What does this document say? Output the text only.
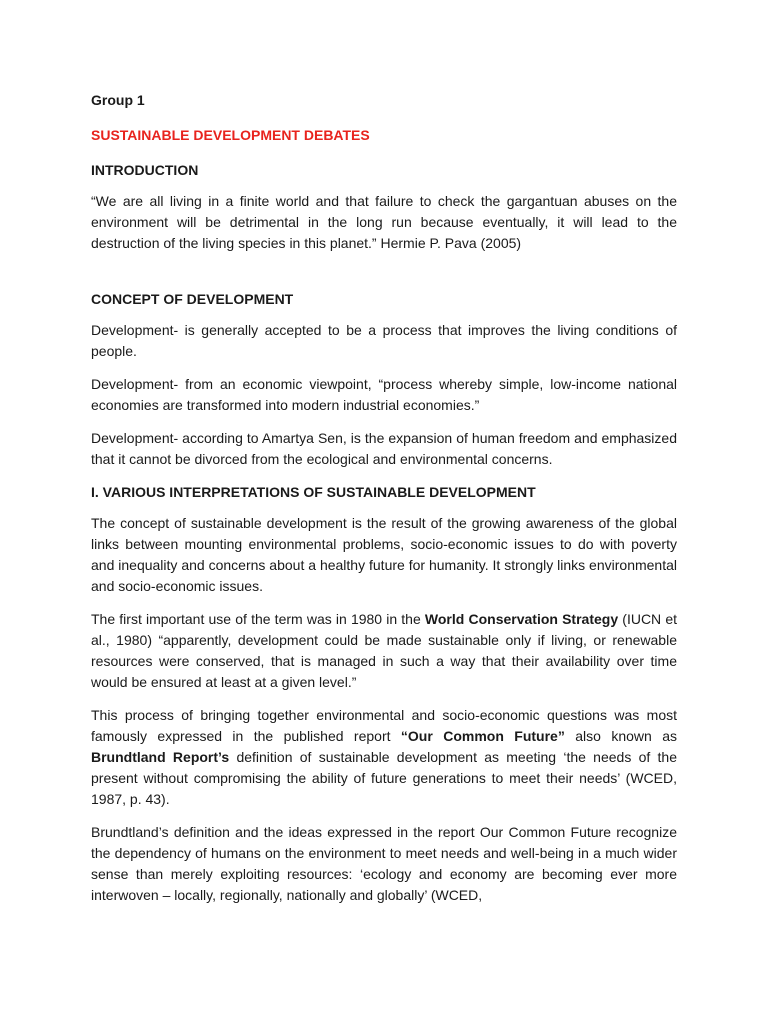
Group 1
SUSTAINABLE DEVELOPMENT DEBATES
INTRODUCTION

“We are all living in a finite world and that failure to check the gargantuan abuses on the environment will be detrimental in the long run because eventually, it will lead to the destruction of the living species in this planet.” Hermie P. Pava (2005)

CONCEPT OF DEVELOPMENT

Development- is generally accepted to be a process that improves the living conditions of people.

Development- from an economic viewpoint, “process whereby simple, low-income national economies are transformed into modern industrial economies.”

Development- according to Amartya Sen, is the expansion of human freedom and emphasized that it cannot be divorced from the ecological and environmental concerns.

I. VARIOUS INTERPRETATIONS OF SUSTAINABLE DEVELOPMENT

The concept of sustainable development is the result of the growing awareness of the global links between mounting environmental problems, socio-economic issues to do with poverty and inequality and concerns about a healthy future for humanity. It strongly links environmental and socio-economic issues.

The first important use of the term was in 1980 in the World Conservation Strategy (IUCN et al., 1980) “apparently, development could be made sustainable only if living, or renewable resources were conserved, that is managed in such a way that their availability over time would be ensured at least at a given level.”

This process of bringing together environmental and socio-economic questions was most famously expressed in the published report “Our Common Future” also known as Brundtland Report’s definition of sustainable development as meeting ‘the needs of the present without compromising the ability of future generations to meet their needs’ (WCED, 1987, p. 43).

Brundtland’s definition and the ideas expressed in the report Our Common Future recognize the dependency of humans on the environment to meet needs and well-being in a much wider sense than merely exploiting resources: ‘ecology and economy are becoming ever more interwoven – locally, regionally, nationally and globally’ (WCED,
